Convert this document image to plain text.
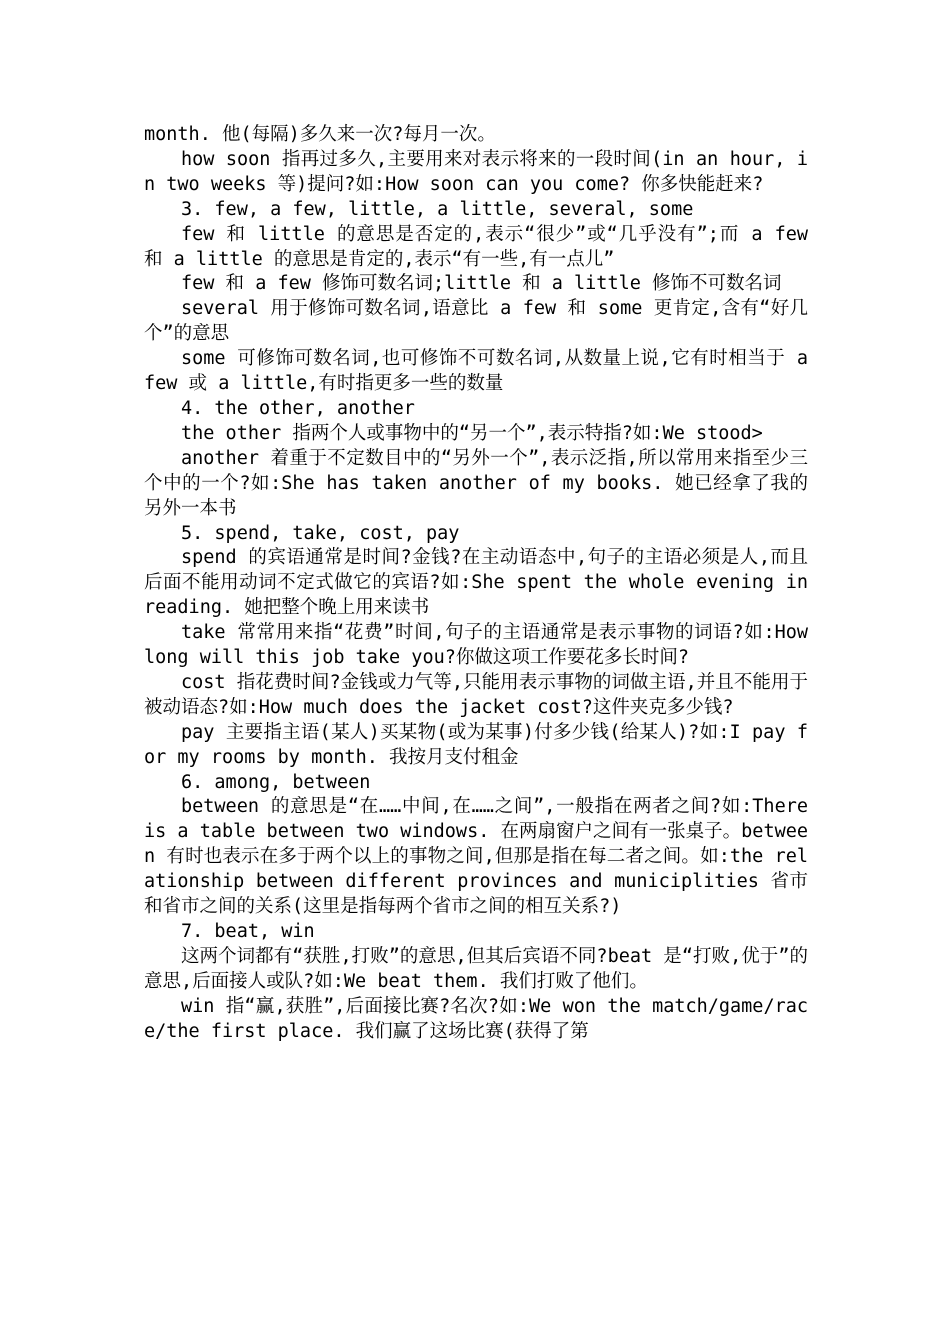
month. 他(每隔)多久来一次?每月一次。

how soon 指再过多久,主要用来对表示将来的一段时间(in an hour, in two weeks 等)提问?如:How soon can you come? 你多快能赶来?

3. few, a few, little, a little, several, some

few 和 little 的意思是否定的,表示“很少”或“几乎没有”;而 a few 和 a little 的意思是肯定的,表示“有一些,有一点儿”

few 和 a few 修饰可数名词;little 和 a little 修饰不可数名词

several 用于修饰可数名词,语意比 a few 和 some 更肯定,含有“好几个”的意思

some 可修饰可数名词,也可修饰不可数名词,从数量上说,它有时相当于 a few 或 a little,有时指更多一些的数量

4. the other, another

the other 指两个人或事物中的“另一个”,表示特指?如:We stood>

another 着重于不定数目中的“另外一个”,表示泛指,所以常用来指至少三个中的一个?如:She has taken another of my books. 她已经拿了我的另外一本书

5. spend, take, cost, pay

spend 的宾语通常是时间?金钱?在主动语态中,句子的主语必须是人,而且后面不能用动词不定式做它的宾语?如:She spent the whole evening in reading. 她把整个晚上用来读书

take 常常用来指“花费”时间,句子的主语通常是表示事物的词语?如:How long will this job take you?你做这项工作要花多长时间?

cost 指花费时间?金钱或力气等,只能用表示事物的词做主语,并且不能用于被动语态?如:How much does the jacket cost?这件夹克多少钱?

pay 主要指主语(某人)买某物(或为某事)付多少钱(给某人)?如:I pay for my rooms by month. 我按月支付租金

6. among, between

between 的意思是“在……中间,在……之间”,一般指在两者之间?如:There is a table between two windows. 在两扇窗户之间有一张桌子。between 有时也表示在多于两个以上的事物之间,但那是指在每二者之间。如:the relationship between different provinces and municiplities 省市和省市之间的关系(这里是指每两个省市之间的相互关系?)

7. beat, win

这两个词都有“获胜,打败”的意思,但其后宾语不同?beat 是“打败,优于”的意思,后面接人或队?如:We beat them. 我们打败了他们。

win 指“赢,获胜”,后面接比赛?名次?如:We won the match/game/race/the first place. 我们赢了这场比赛(获得了第
